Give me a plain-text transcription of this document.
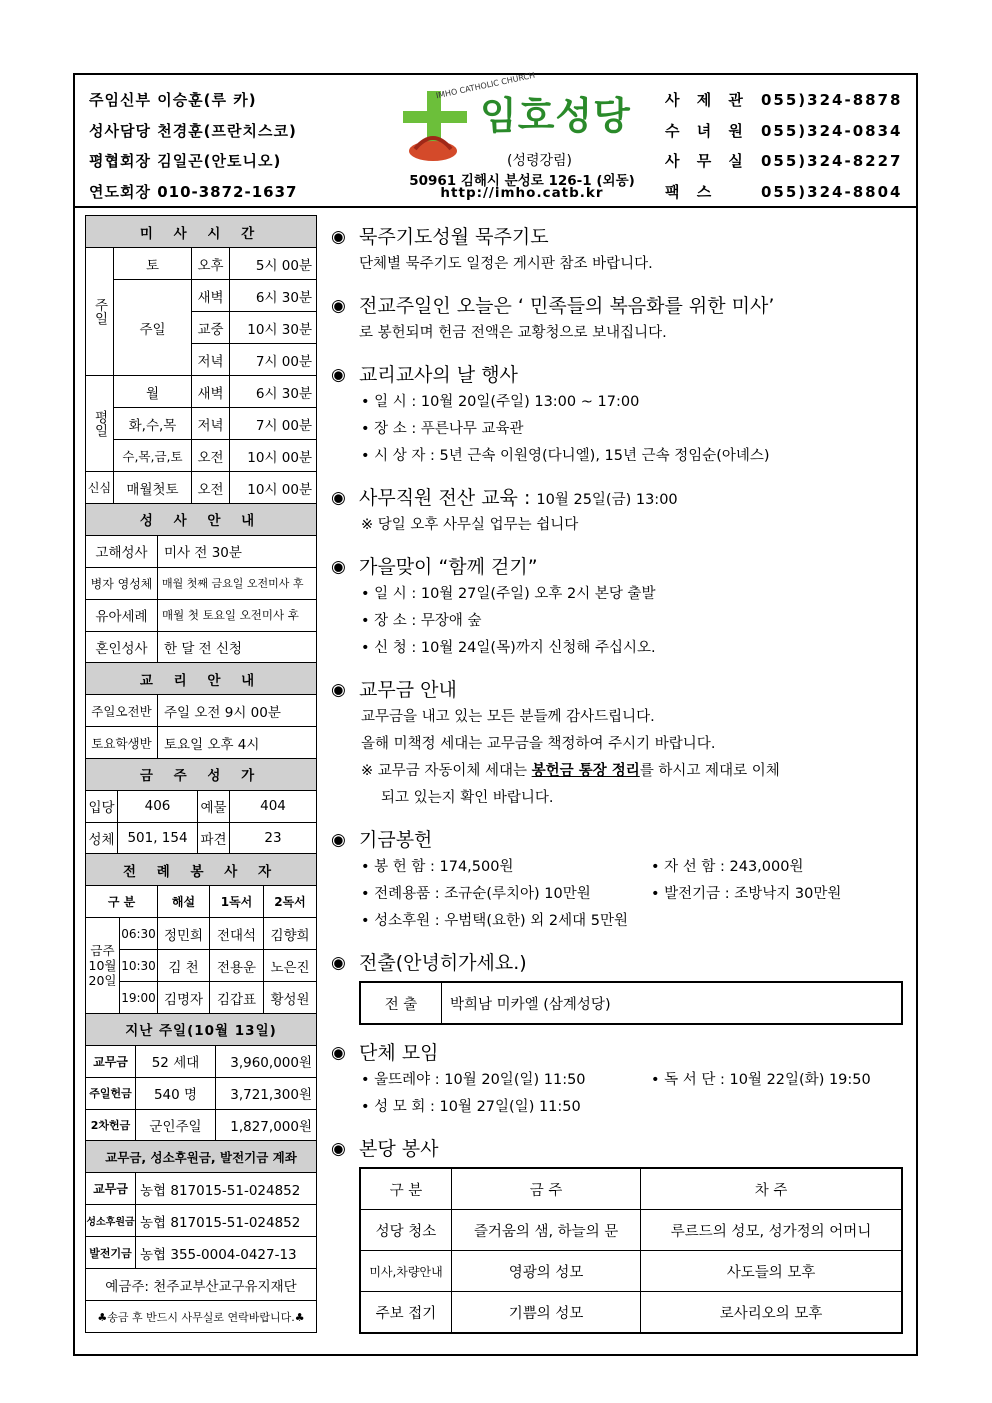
주임신부 이승훈(루 카)
성사담당 천경훈(프란치스코)
평협회장 김일곤(안토니오)
연도회장 010-3872-1637
IMHO CATHOLIC CHURCH
임호성당
(성령강림)
50961 김해시 분성로 126-1 (외동)
http://imho.catb.kr
사 제 관 055)324-8878
수 녀 원 055)324-0834
사 무 실 055)324-8227
팩 스	055)324-8804
미 사 시 간			
주일	토	오후	5시 00분
	주일	새벽	6시 30분
		교중	10시 30분
		저녁	7시 00분
평일	월	새벽	6시 30분
	화,수,목	저녁	7시 00분
	수,목,금,토	오전	10시 00분
신심	매월첫토	오전	10시 00분
성 사 안 내	
고해성사	미사 전 30분
병자 영성체	매월 첫째 금요일 오전미사 후
유아세례	매월 첫 토요일 오전미사 후
혼인성사	한 달 전 신청
교 리 안 내	
주일오전반	주일 오전 9시 00분
토요학생반	토요일 오후 4시
금 주 성 가			
입당	406	예물	404
성체	501, 154	파견	23
전 례 봉 사 자				
구 분		해설	1독서	2독서
금주 10월 20일	06:30	정민희	전대석	김향희
	10:30	김 천	전용운	노은진
	19:00	김명자	김갑표	황성원
지난 주일(10월 13일)		
교무금	52 세대	3,960,000원
주일헌금	540 명	3,721,300원
2차헌금	군인주일	1,827,000원
교무금, 성소후원금, 발전기금 계좌	
교무금	농협 817015-51-024852
성소후원금	농협 817015-51-024852
발전기금	농협 355-0004-0427-13
예금주: 천주교부산교구유지재단	
♣송금 후 반드시 사무실로 연락바랍니다.♣	
◉ 묵주기도성월 묵주기도

단체별 묵주기도 일정은 게시판 참조 바랍니다.

◉ 전교주일인 오늘은 ‘ 민족들의 복음화를 위한 미사’

로 봉헌되며 헌금 전액은 교황청으로 보내집니다.

◉ 교리교사의 날 행사

• 일 시 : 10월 20일(주일) 13:00 ~ 17:00

• 장 소 : 푸른나무 교육관

• 시 상 자 : 5년 근속 이원영(다니엘), 15년 근속 정임순(아녜스)

◉ 사무직원 전산 교육 : 10월 25일(금) 13:00

※ 당일 오후 사무실 업무는 쉽니다

◉ 가을맞이 “함께 걷기”

• 일 시 : 10월 27일(주일) 오후 2시 본당 출발

• 장 소 : 무장애 숲

• 신 청 : 10월 24일(목)까지 신청해 주십시오.

◉ 교무금 안내

교무금을 내고 있는 모든 분들께 감사드립니다.

올해 미책정 세대는 교무금을 책정하여 주시기 바랍니다.

※ 교무금 자동이체 세대는 봉헌금 통장 정리를 하시고 제대로 이체

되고 있는지 확인 바랍니다.

◉ 기금봉헌
• 봉 헌 함 : 174,500원	• 자 선 함 : 243,000원
• 전례용품 : 조규순(루치아) 10만원	• 발전기금 : 조방낙지 30만원
• 성소후원 : 우범택(요한) 외 2세대 5만원
◉ 전출(안녕히가세요.)
전 출	박희남 미카엘 (삼계성당)
◉ 단체 모임
• 울뜨레야 : 10월 20일(일) 11:50	• 독 서 단 : 10월 22일(화) 19:50
• 성 모 회 : 10월 27일(일) 11:50
◉ 본당 봉사
구 분	금 주	차 주
성당 청소	즐거움의 샘, 하늘의 문	루르드의 성모, 성가정의 어머니
미사,차량안내	영광의 성모	사도들의 모후
주보 접기	기쁨의 성모	로사리오의 모후
